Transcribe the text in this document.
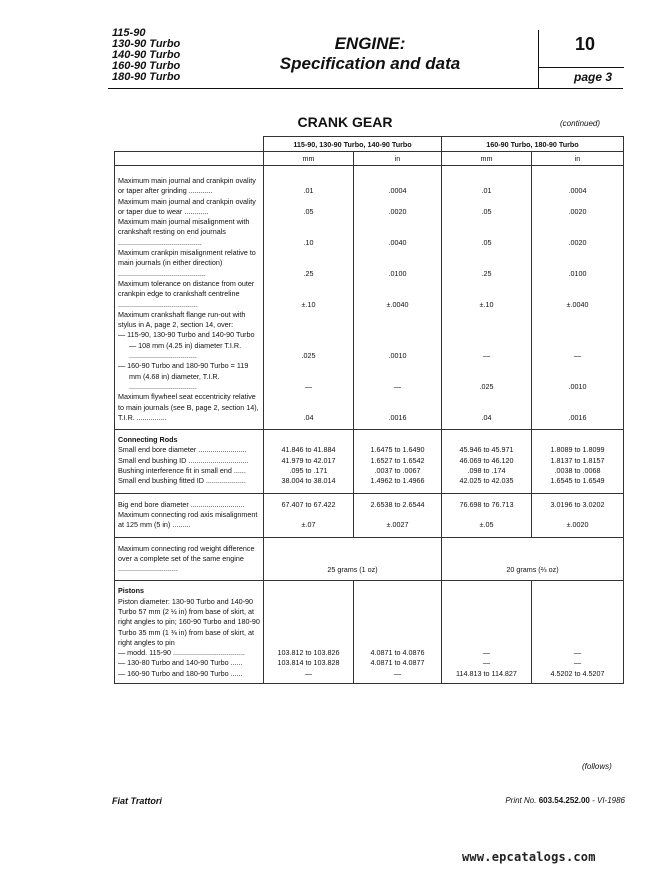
115-90
130-90 Turbo
140-90 Turbo
160-90 Turbo
180-90 Turbo
ENGINE:
Specification and data
10
page 3
CRANK GEAR	(continued)
	115-90, 130-90 Turbo, 140-90 Turbo		160-90 Turbo, 180-90 Turbo	
	mm	in	mm	in

Maximum main journal and crankpin ovality or taper after grinding ............	.01	.0004	.01	.0004
Maximum main journal and crankpin ovality or taper due to wear ............	.05	.0020	.05	.0020
Maximum main journal misalignment with crankshaft resting on end journals ..........................................	.10	.0040	.05	.0020
Maximum crankpin misalignment relative to main journals (in either direction) ............................................	.25	.0100	.25	.0100
Maximum tolerance on distance from outer crankpin edge to crankshaft centreline ........................................	±.10	±.0040	±.10	±.0040
Maximum crankshaft flange run-out with stylus in A, page 2, section 14, over:				
— 115-90, 130-90 Turbo and 140-90 Turbo — 108 mm (4.25 in) diameter T.I.R. ..................................	.025	.0010	—	—
— 160-90 Turbo and 180-90 Turbo = 119 mm (4.68 in) diameter, T.I.R. ..................................	—	—	.025	.0010
Maximum flywheel seat eccentricity relative to main journals (see B, page 2, section 14), T.I.R. ...............	.04	.0016	.04	.0016
Connecting Rods				
Small end bore diameter ........................	41.846 to 41.884	1.6475 to 1.6490	45.946 to 45.971	1.8089 to 1.8099
Small end bushing ID ..............................	41.979 to 42.017	1.6527 to 1.6542	46.069 to 46.120	1.8137 to 1.8157
Bushing interference fit in small end ......	.095 to .171	.0037 to .0067	.098 to .174	.0038 to .0068
Small end bushing fitted ID ....................	38.004 to 38.014	1.4962 to 1.4966	42.025 to 42.035	1.6545 to 1.6549
Big end bore diameter ...........................	67.407 to 67.422	2.6538 to 2.6544	76.698 to 76.713	3.0196 to 3.0202
Maximum connecting rod axis misalignment at 125 mm (5 in) .........	±.07	±.0027	±.05	±.0020
Maximum connecting rod weight difference over a complete set of the same engine ..............................	25 grams (1 oz)		20 grams (⅔ oz)	
Pistons				
Piston diameter: 130-90 Turbo and 140-90 Turbo 57 mm (2 ½ in) from base of skirt, at right angles to pin; 160-90 Turbo and 180-90 Turbo 35 mm (1 ⅜ in) from base of skirt, at right angles to pin				
— modd. 115-90 ....................................	103.812 to 103.826	4.0871 to 4.0876	—	—
— 130-80 Turbo and 140-90 Turbo ......	103.814 to 103.828	4.0871 to 4.0877	—	—
— 160-90 Turbo and 180-90 Turbo ......	—	—	114.813 to 114.827	4.5202 to 4.5207
(follows)
Fiat Trattori	Print No. 603.54.252.00 - VI-1986
www.epcatalogs.com
